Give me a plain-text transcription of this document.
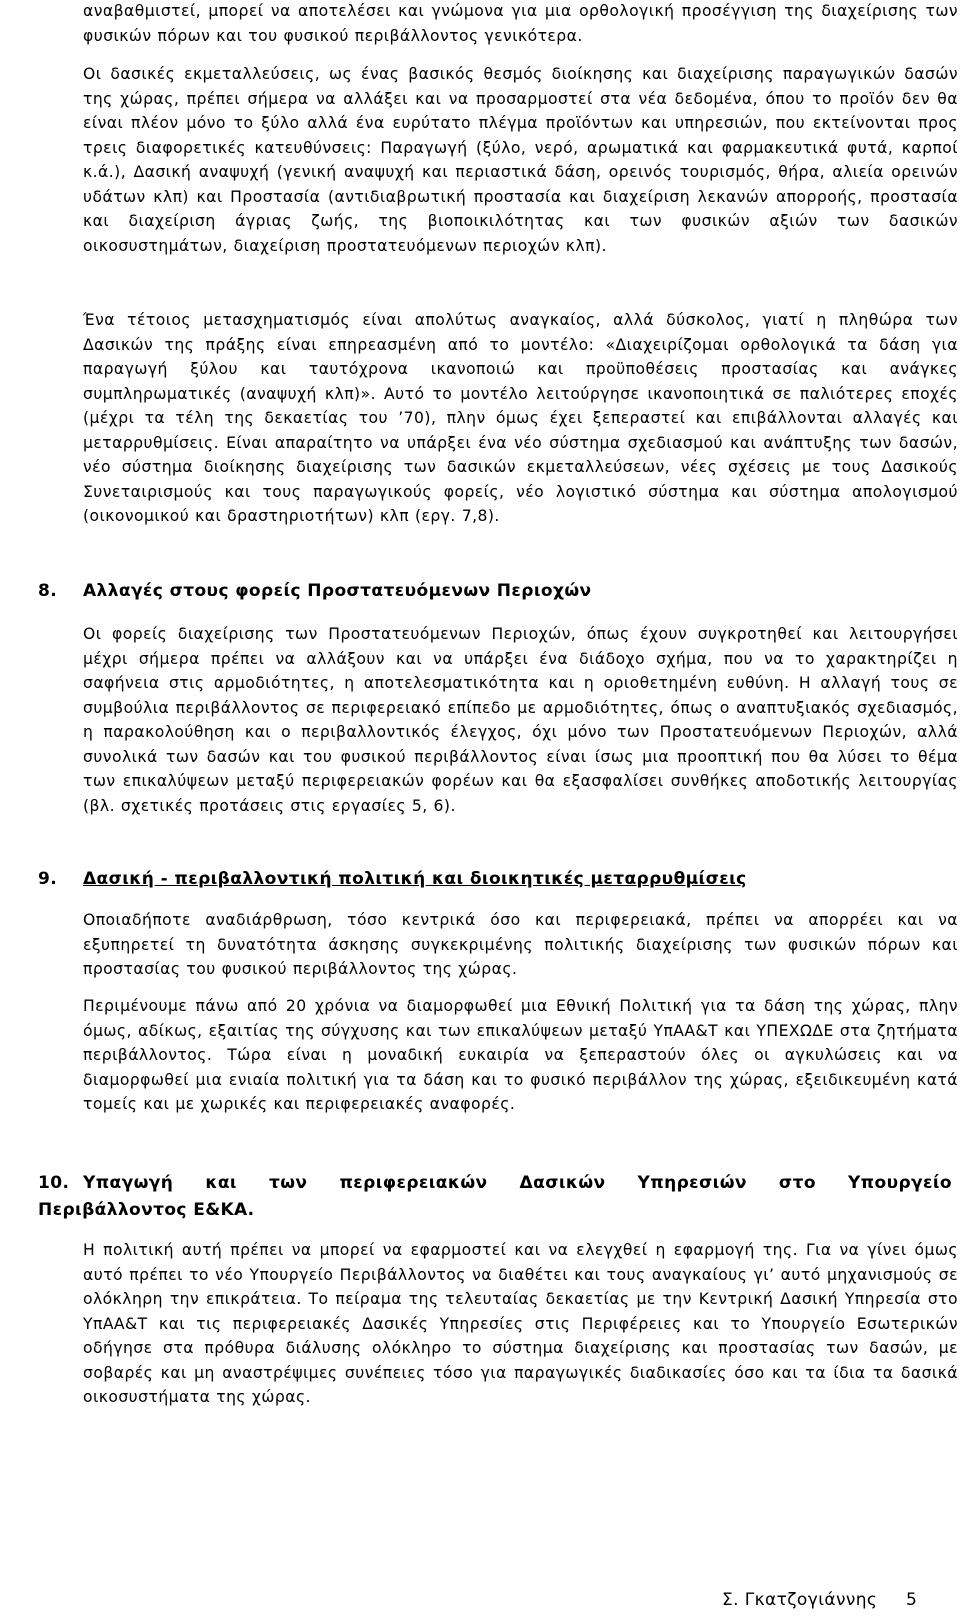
αναβαθμιστεί, μπορεί να αποτελέσει και γνώμονα για μια ορθολογική προσέγγιση της διαχείρισης των φυσικών πόρων και του φυσικού περιβάλλοντος γενικότερα.

Οι δασικές εκμεταλλεύσεις, ως ένας βασικός θεσμός διοίκησης και διαχείρισης παραγωγικών δασών της χώρας, πρέπει σήμερα να αλλάξει και να προσαρμοστεί στα νέα δεδομένα, όπου το προϊόν δεν θα είναι πλέον μόνο το ξύλο αλλά ένα ευρύτατο πλέγμα προϊόντων και υπηρεσιών, που εκτείνονται προς τρεις διαφορετικές κατευθύνσεις: Παραγωγή (ξύλο, νερό, αρωματικά και φαρμακευτικά φυτά, καρποί κ.ά.), Δασική αναψυχή (γενική αναψυχή και περιαστικά δάση, ορεινός τουρισμός, θήρα, αλιεία ορεινών υδάτων κλπ) και Προστασία (αντιδιαβρωτική προστασία και διαχείριση λεκανών απορροής, προστασία και διαχείριση άγριας ζωής, της βιοποικιλότητας και των φυσικών αξιών των δασικών οικοσυστημάτων, διαχείριση προστατευόμενων περιοχών κλπ).

Ένα τέτοιος μετασχηματισμός είναι απολύτως αναγκαίος, αλλά δύσκολος, γιατί η πληθώρα των Δασικών της πράξης είναι επηρεασμένη από το μοντέλο: «Διαχειρίζομαι ορθολογικά τα δάση για παραγωγή ξύλου και ταυτόχρονα ικανοποιώ και προϋποθέσεις προστασίας και ανάγκες συμπληρωματικές (αναψυχή κλπ)». Αυτό το μοντέλο λειτούργησε ικανοποιητικά σε παλιότερες εποχές (μέχρι τα τέλη της δεκαετίας του ’70), πλην όμως έχει ξεπεραστεί και επιβάλλονται αλλαγές και μεταρρυθμίσεις. Είναι απαραίτητο να υπάρξει ένα νέο σύστημα σχεδιασμού και ανάπτυξης των δασών, νέο σύστημα διοίκησης διαχείρισης των δασικών εκμεταλλεύσεων, νέες σχέσεις με τους Δασικούς Συνεταιρισμούς και τους παραγωγικούς φορείς, νέο λογιστικό σύστημα και σύστημα απολογισμού (οικονομικού και δραστηριοτήτων) κλπ (εργ. 7,8).

8. Αλλαγές στους φορείς Προστατευόμενων Περιοχών

Οι φορείς διαχείρισης των Προστατευόμενων Περιοχών, όπως έχουν συγκροτηθεί και λειτουργήσει μέχρι σήμερα πρέπει να αλλάξουν και να υπάρξει ένα διάδοχο σχήμα, που να το χαρακτηρίζει η σαφήνεια στις αρμοδιότητες, η αποτελεσματικότητα και η οριοθετημένη ευθύνη. Η αλλαγή τους σε συμβούλια περιβάλλοντος σε περιφερειακό επίπεδο με αρμοδιότητες, όπως ο αναπτυξιακός σχεδιασμός, η παρακολούθηση και ο περιβαλλοντικός έλεγχος, όχι μόνο των Προστατευόμενων Περιοχών, αλλά συνολικά των δασών και του φυσικού περιβάλλοντος είναι ίσως μια προοπτική που θα λύσει το θέμα των επικαλύψεων μεταξύ περιφερειακών φορέων και θα εξασφαλίσει συνθήκες αποδοτικής λειτουργίας (βλ. σχετικές προτάσεις στις εργασίες 5, 6).

9. Δασική - περιβαλλοντική πολιτική και διοικητικές μεταρρυθμίσεις

Οποιαδήποτε αναδιάρθρωση, τόσο κεντρικά όσο και περιφερειακά, πρέπει να απορρέει και να εξυπηρετεί τη δυνατότητα άσκησης συγκεκριμένης πολιτικής διαχείρισης των φυσικών πόρων και προστασίας του φυσικού περιβάλλοντος της χώρας.

Περιμένουμε πάνω από 20 χρόνια να διαμορφωθεί μια Εθνική Πολιτική για τα δάση της χώρας, πλην όμως, αδίκως, εξαιτίας της σύγχυσης και των επικαλύψεων μεταξύ ΥπΑΑ&Τ και ΥΠΕΧΩΔΕ στα ζητήματα περιβάλλοντος. Τώρα είναι η μοναδική ευκαιρία να ξεπεραστούν όλες οι αγκυλώσεις και να διαμορφωθεί μια ενιαία πολιτική για τα δάση και το φυσικό περιβάλλον της χώρας, εξειδικευμένη κατά τομείς και με χωρικές και περιφερειακές αναφορές.

10. Υπαγωγή και των περιφερειακών Δασικών Υπηρεσιών στο Υπουργείο
Περιβάλλοντος Ε&ΚΑ.

Η πολιτική αυτή πρέπει να μπορεί να εφαρμοστεί και να ελεγχθεί η εφαρμογή της. Για να γίνει όμως αυτό πρέπει το νέο Υπουργείο Περιβάλλοντος να διαθέτει και τους αναγκαίους γι’ αυτό μηχανισμούς σε ολόκληρη την επικράτεια. Το πείραμα της τελευταίας δεκαετίας με την Κεντρική Δασική Υπηρεσία στο ΥπΑΑ&Τ και τις περιφερειακές Δασικές Υπηρεσίες στις Περιφέρειες και το Υπουργείο Εσωτερικών οδήγησε στα πρόθυρα διάλυσης ολόκληρο το σύστημα διαχείρισης και προστασίας των δασών, με σοβαρές και μη αναστρέψιμες συνέπειες τόσο για παραγωγικές διαδικασίες όσο και τα ίδια τα δασικά οικοσυστήματα της χώρας.

Σ. Γκατζογιάννης 5
